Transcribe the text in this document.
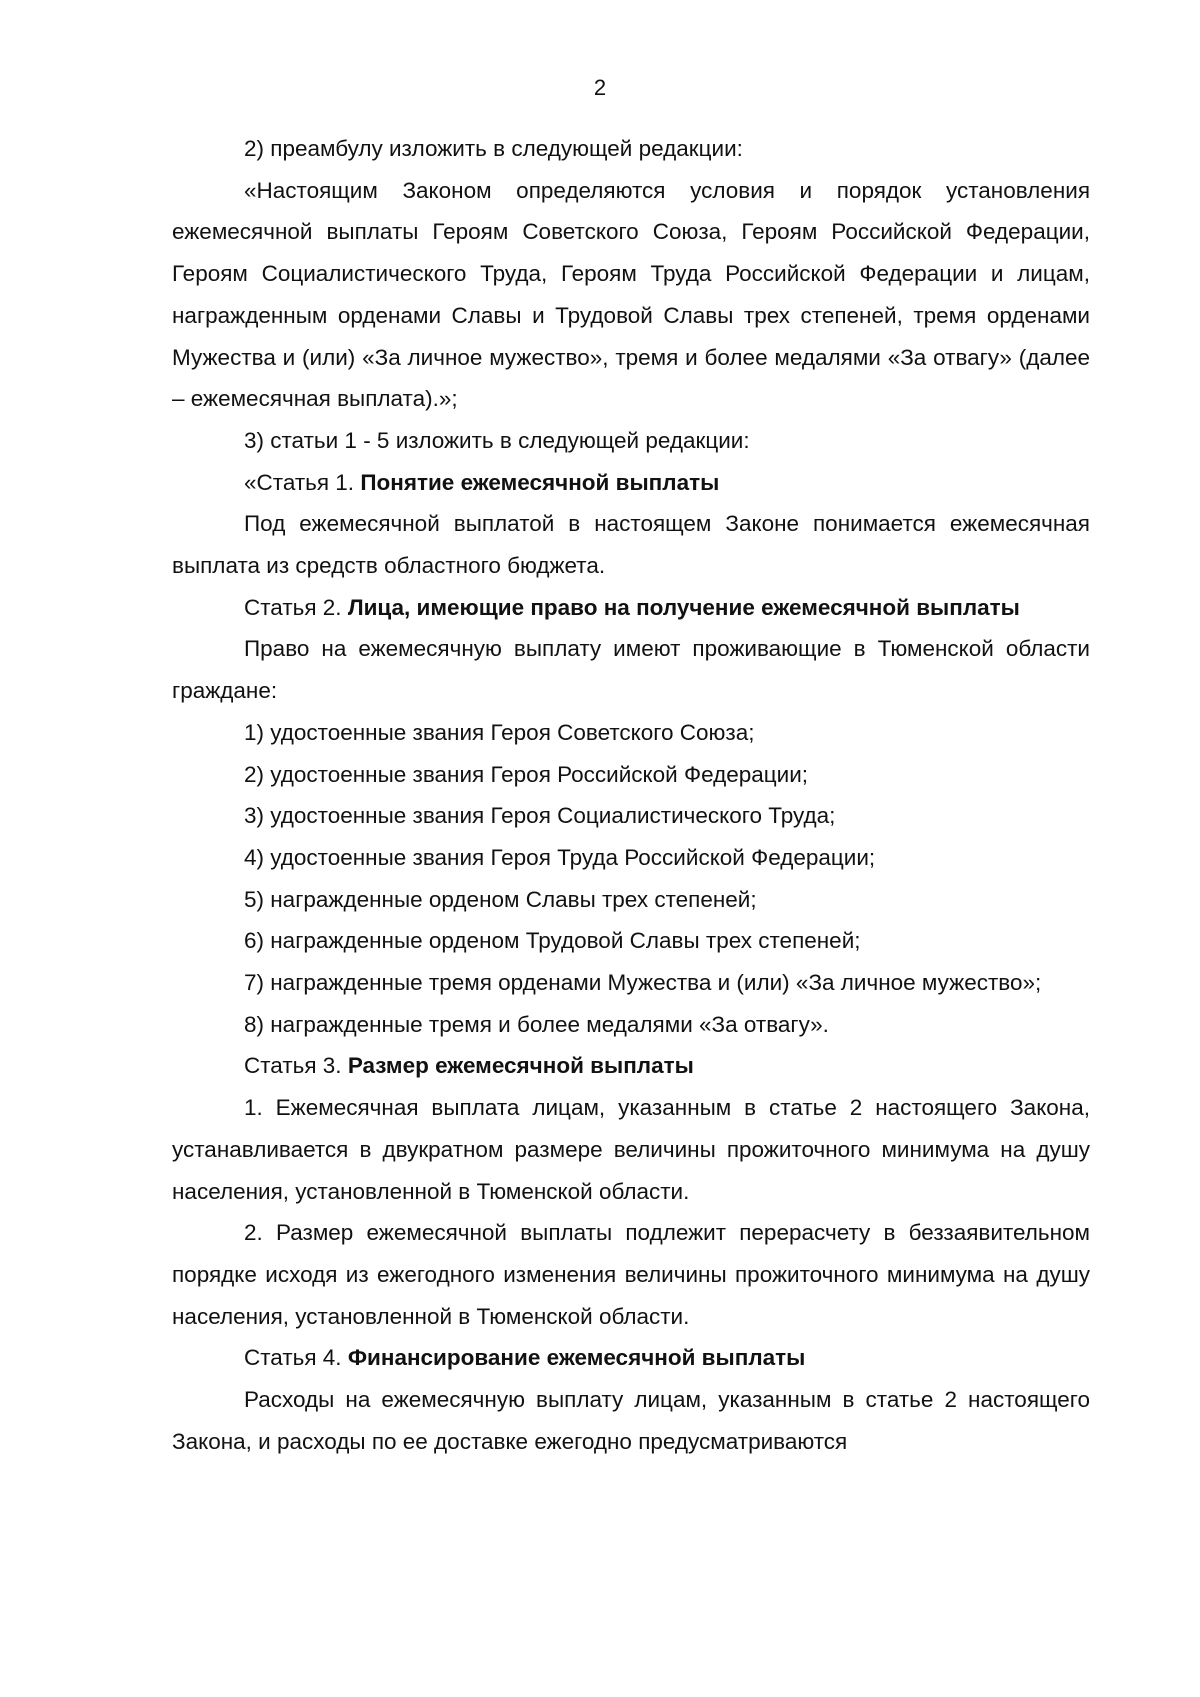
2

2) преамбулу изложить в следующей редакции:

«Настоящим Законом определяются условия и порядок установления ежемесячной выплаты Героям Советского Союза, Героям Российской Федерации, Героям Социалистического Труда, Героям Труда Российской Федерации и лицам, награжденным орденами Славы и Трудовой Славы трех степеней, тремя орденами Мужества и (или) «За личное мужество», тремя и более медалями «За отвагу» (далее – ежемесячная выплата).»;

3) статьи 1 - 5 изложить в следующей редакции:

«Статья 1. Понятие ежемесячной выплаты

Под ежемесячной выплатой в настоящем Законе понимается ежемесячная выплата из средств областного бюджета.

Статья 2. Лица, имеющие право на получение ежемесячной выплаты

Право на ежемесячную выплату имеют проживающие в Тюменской области граждане:

1) удостоенные звания Героя Советского Союза;

2) удостоенные звания Героя Российской Федерации;

3) удостоенные звания Героя Социалистического Труда;

4) удостоенные звания Героя Труда Российской Федерации;

5) награжденные орденом Славы трех степеней;

6) награжденные орденом Трудовой Славы трех степеней;

7) награжденные тремя орденами Мужества и (или) «За личное мужество»;

8) награжденные тремя и более медалями «За отвагу».

Статья 3. Размер ежемесячной выплаты

1. Ежемесячная выплата лицам, указанным в статье 2 настоящего Закона, устанавливается в двукратном размере величины прожиточного минимума на душу населения, установленной в Тюменской области.

2. Размер ежемесячной выплаты подлежит перерасчету в беззаявительном порядке исходя из ежегодного изменения величины прожиточного минимума на душу населения, установленной в Тюменской области.

Статья 4. Финансирование ежемесячной выплаты

Расходы на ежемесячную выплату лицам, указанным в статье 2 настоящего Закона, и расходы по ее доставке ежегодно предусматриваются
